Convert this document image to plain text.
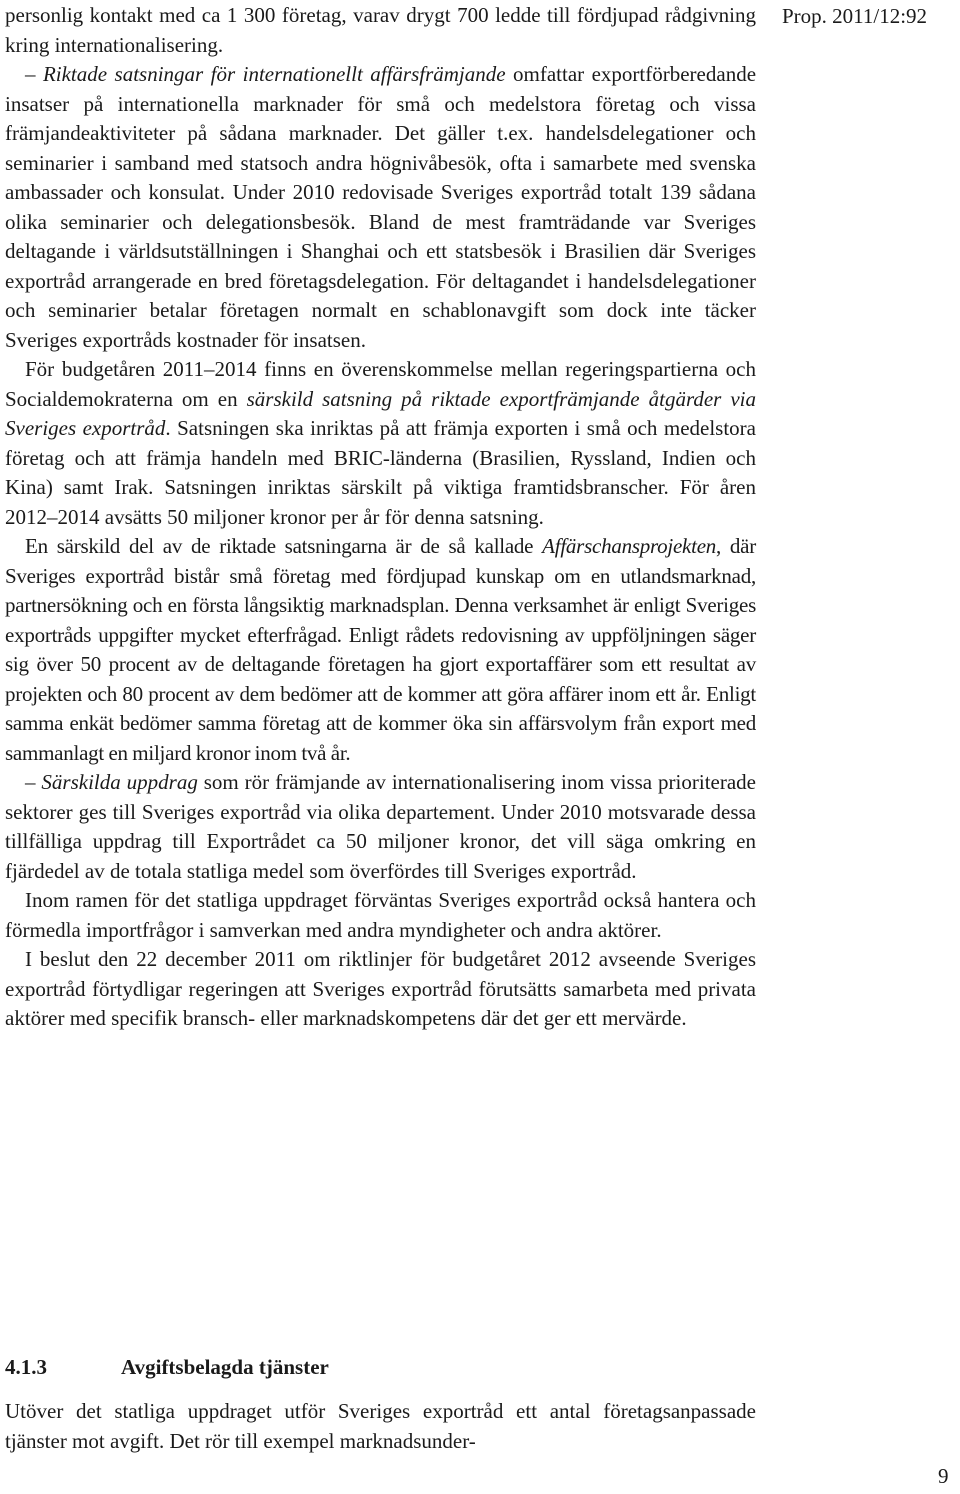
Prop. 2011/12:92

personlig kontakt med ca 1 300 företag, varav drygt 700 ledde till fördjupad rådgivning kring internationalisering.

– Riktade satsningar för internationellt affärsfrämjande omfattar exportförberedande insatser på internationella marknader för små och medelstora företag och vissa främjandeaktiviteter på sådana marknader. Det gäller t.ex. handelsdelegationer och seminarier i samband med statsoch andra högnivåbesök, ofta i samarbete med svenska ambassader och konsulat. Under 2010 redovisade Sveriges exportråd totalt 139 sådana olika seminarier och delegationsbesök. Bland de mest framträdande var Sveriges deltagande i världsutställningen i Shanghai och ett statsbesök i Brasilien där Sveriges exportråd arrangerade en bred företagsdelegation. För deltagandet i handelsdelegationer och seminarier betalar företagen normalt en schablonavgift som dock inte täcker Sveriges exportråds kostnader för insatsen.

För budgetåren 2011–2014 finns en överenskommelse mellan regeringspartierna och Socialdemokraterna om en särskild satsning på riktade exportfrämjande åtgärder via Sveriges exportråd. Satsningen ska inriktas på att främja exporten i små och medelstora företag och att främja handeln med BRIC-länderna (Brasilien, Ryssland, Indien och Kina) samt Irak. Satsningen inriktas särskilt på viktiga framtidsbranscher. För åren 2012–2014 avsätts 50 miljoner kronor per år för denna satsning.

En särskild del av de riktade satsningarna är de så kallade Affärschansprojekten, där Sveriges exportråd bistår små företag med fördjupad kunskap om en utlandsmarknad, partnersökning och en första långsiktig marknadsplan. Denna verksamhet är enligt Sveriges exportråds uppgifter mycket efterfrågad. Enligt rådets redovisning av uppföljningen säger sig över 50 procent av de deltagande företagen ha gjort exportaffärer som ett resultat av projekten och 80 procent av dem bedömer att de kommer att göra affärer inom ett år. Enligt samma enkät bedömer samma företag att de kommer öka sin affärsvolym från export med sammanlagt en miljard kronor inom två år.

– Särskilda uppdrag som rör främjande av internationalisering inom vissa prioriterade sektorer ges till Sveriges exportråd via olika departement. Under 2010 motsvarade dessa tillfälliga uppdrag till Exportrådet ca 50 miljoner kronor, det vill säga omkring en fjärdedel av de totala statliga medel som överfördes till Sveriges exportråd.

Inom ramen för det statliga uppdraget förväntas Sveriges exportråd också hantera och förmedla importfrågor i samverkan med andra myndigheter och andra aktörer.

I beslut den 22 december 2011 om riktlinjer för budgetåret 2012 avseende Sveriges exportråd förtydligar regeringen att Sveriges exportråd förutsätts samarbeta med privata aktörer med specifik bransch- eller marknadskompetens där det ger ett mervärde.

4.1.3	Avgiftsbelagda tjänster

Utöver det statliga uppdraget utför Sveriges exportråd ett antal företagsanpassade tjänster mot avgift. Det rör till exempel marknadsunder-

9
